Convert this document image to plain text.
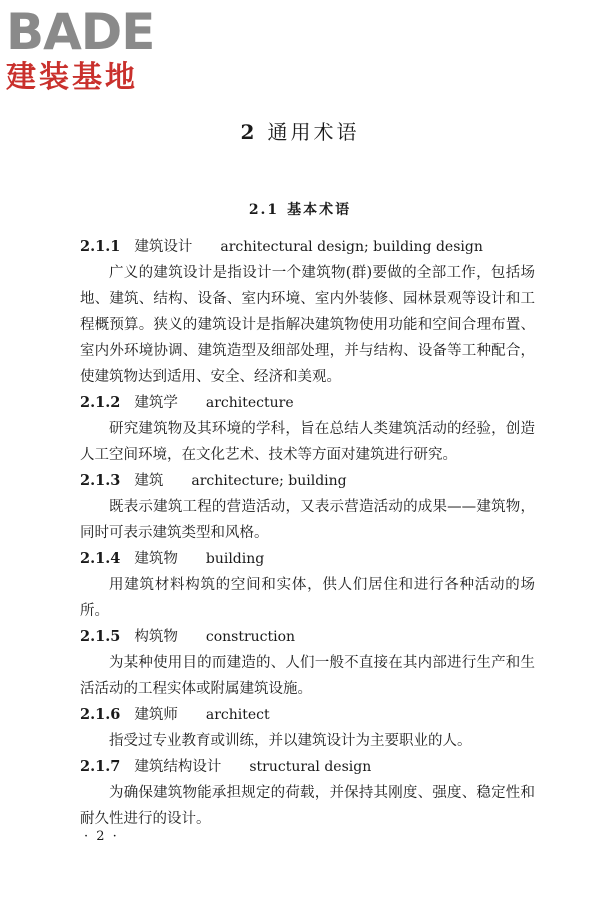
BADE
建装基地
2 通用术语
2.1 基本术语
2.1.1 建筑设计 architectural design; building design

广义的建筑设计是指设计一个建筑物(群)要做的全部工作，包括场地、建筑、结构、设备、室内环境、室内外装修、园林景观等设计和工程概预算。狭义的建筑设计是指解决建筑物使用功能和空间合理布置、室内外环境协调、建筑造型及细部处理，并与结构、设备等工种配合，使建筑物达到适用、安全、经济和美观。

2.1.2 建筑学 architecture

研究建筑物及其环境的学科，旨在总结人类建筑活动的经验，创造人工空间环境，在文化艺术、技术等方面对建筑进行研究。

2.1.3 建筑 architecture; building

既表示建筑工程的营造活动，又表示营造活动的成果——建筑物，同时可表示建筑类型和风格。

2.1.4 建筑物 building

用建筑材料构筑的空间和实体，供人们居住和进行各种活动的场所。

2.1.5 构筑物 construction

为某种使用目的而建造的、人们一般不直接在其内部进行生产和生活活动的工程实体或附属建筑设施。

2.1.6 建筑师 architect

指受过专业教育或训练，并以建筑设计为主要职业的人。

2.1.7 建筑结构设计 structural design

为确保建筑物能承担规定的荷载，并保持其刚度、强度、稳定性和耐久性进行的设计。

· 2 ·
